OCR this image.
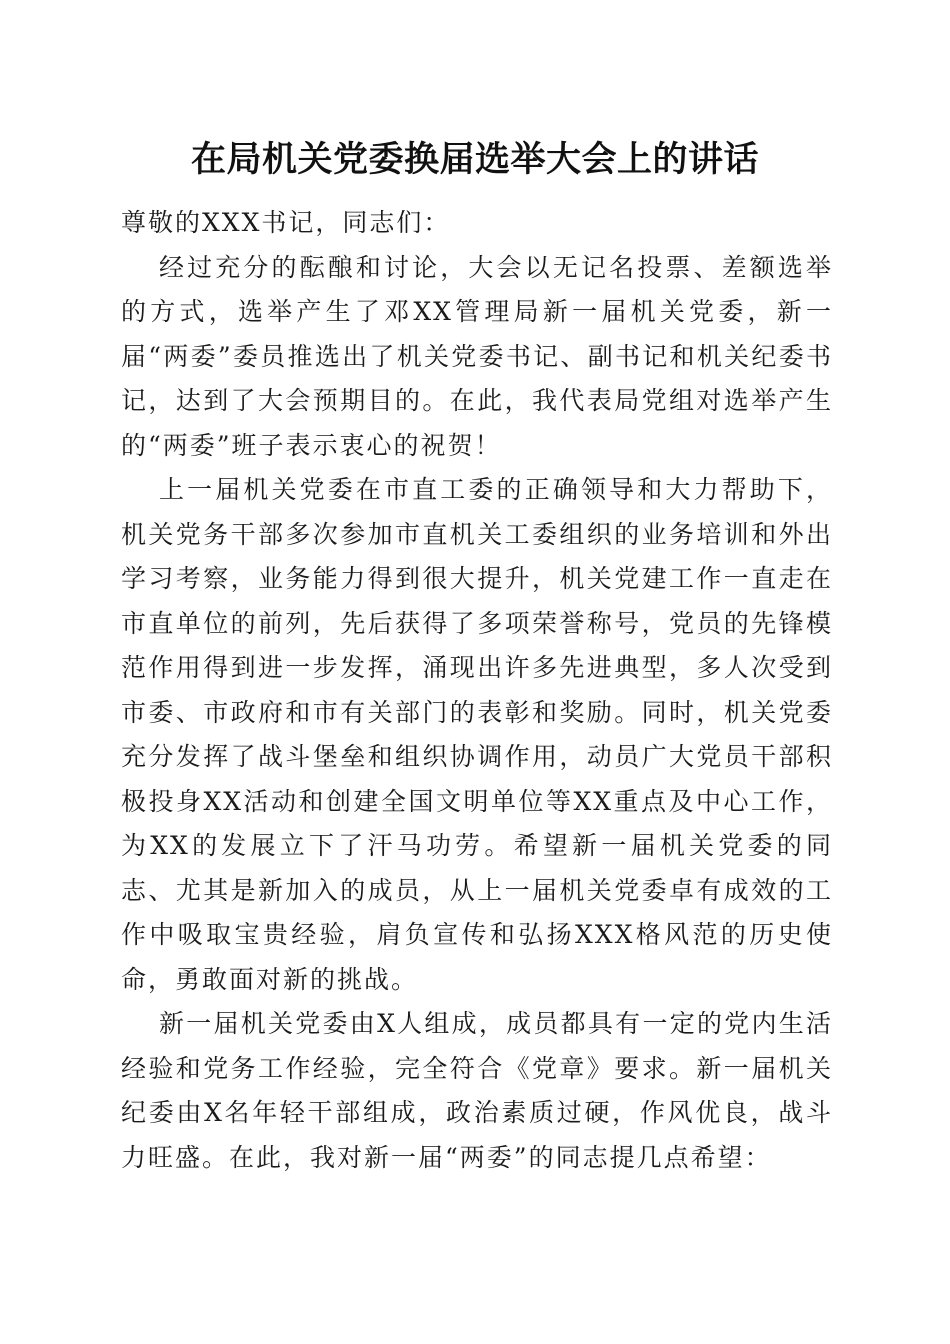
在局机关党委换届选举大会上的讲话

尊敬的XXX书记，同志们：

经过充分的酝酿和讨论，大会以无记名投票、差额选举的方式，选举产生了邓XX管理局新一届机关党委，新一届“两委”委员推选出了机关党委书记、副书记和机关纪委书记，达到了大会预期目的。在此，我代表局党组对选举产生的“两委”班子表示衷心的祝贺！

上一届机关党委在市直工委的正确领导和大力帮助下，机关党务干部多次参加市直机关工委组织的业务培训和外出学习考察，业务能力得到很大提升，机关党建工作一直走在市直单位的前列，先后获得了多项荣誉称号，党员的先锋模范作用得到进一步发挥，涌现出许多先进典型，多人次受到市委、市政府和市有关部门的表彰和奖励。同时，机关党委充分发挥了战斗堡垒和组织协调作用，动员广大党员干部积极投身XX活动和创建全国文明单位等XX重点及中心工作，为XX的发展立下了汗马功劳。希望新一届机关党委的同志、尤其是新加入的成员，从上一届机关党委卓有成效的工作中吸取宝贵经验，肩负宣传和弘扬XXX格风范的历史使命，勇敢面对新的挑战。

新一届机关党委由X人组成，成员都具有一定的党内生活经验和党务工作经验，完全符合《党章》要求。新一届机关纪委由X名年轻干部组成，政治素质过硬，作风优良，战斗力旺盛。在此，我对新一届“两委”的同志提几点希望：
